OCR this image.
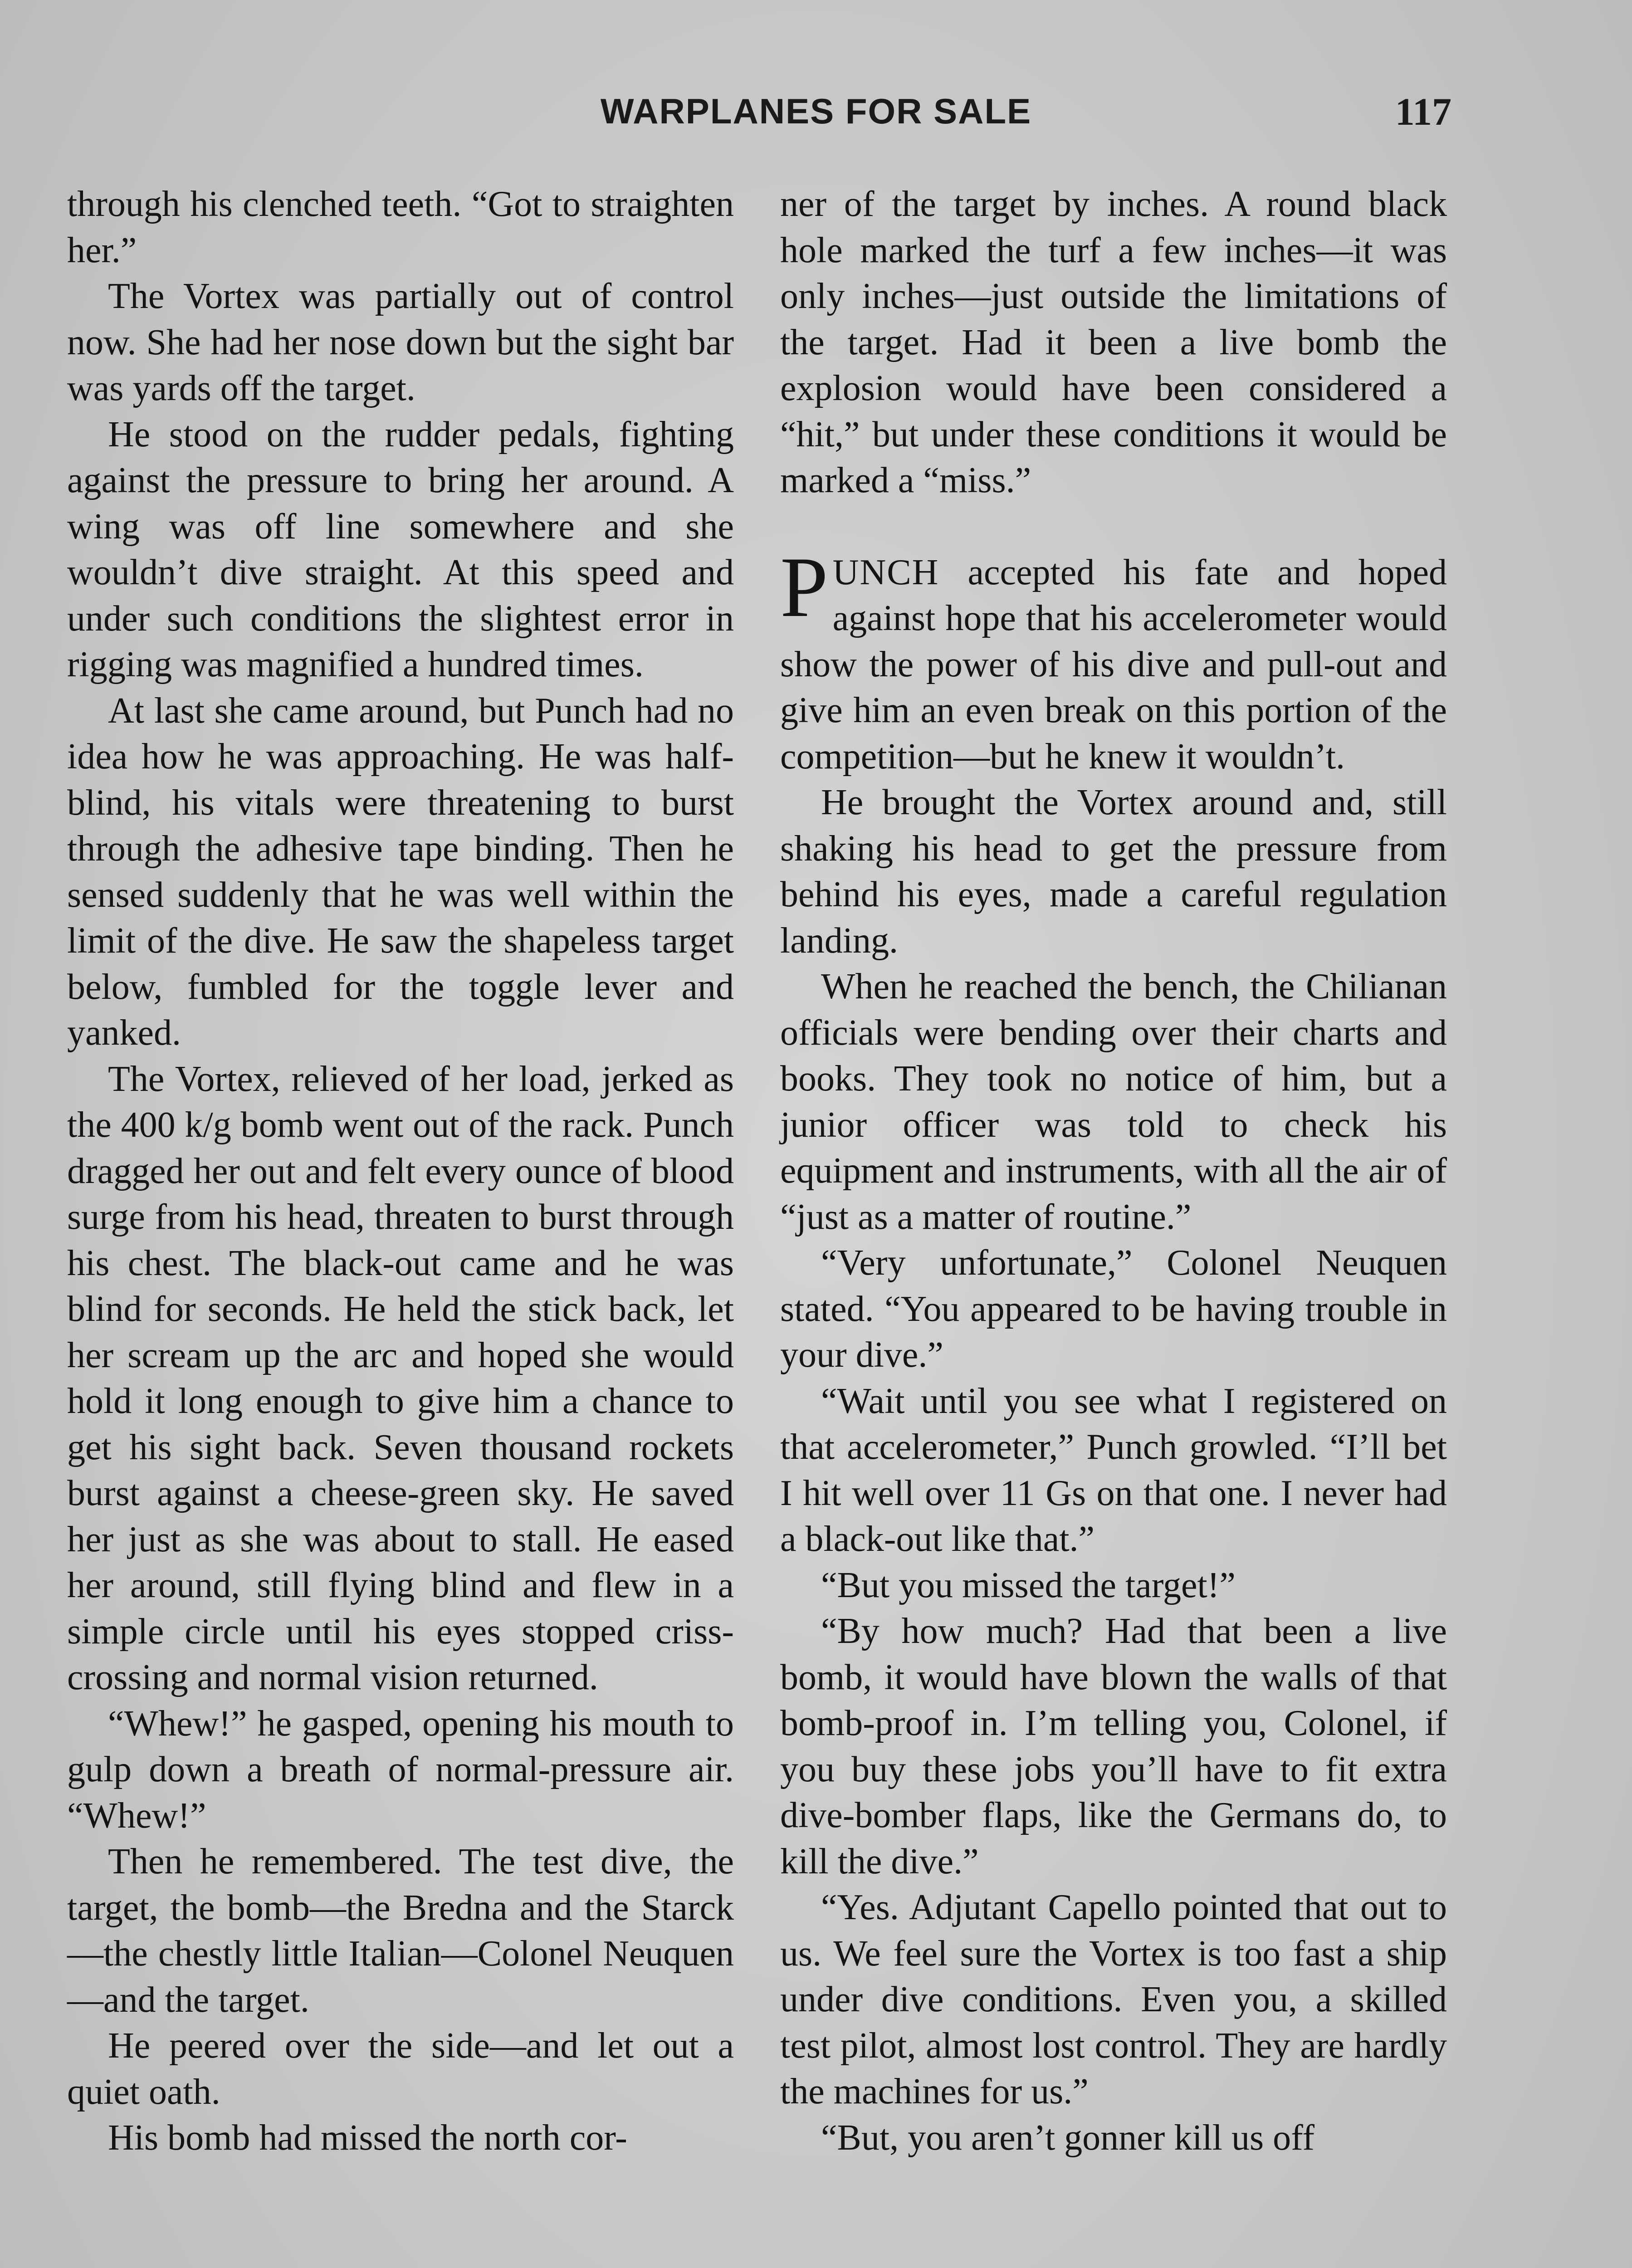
WARPLANES FOR SALE	117

through his clenched teeth. “Got to straighten her.”

The Vortex was partially out of control now. She had her nose down but the sight bar was yards off the target.

He stood on the rudder pedals, fighting against the pressure to bring her around. A wing was off line somewhere and she wouldn’t dive straight. At this speed and under such conditions the slightest error in rigging was magnified a hundred times.

At last she came around, but Punch had no idea how he was approaching. He was half-blind, his vitals were threatening to burst through the adhesive tape binding. Then he sensed suddenly that he was well within the limit of the dive. He saw the shapeless target below, fumbled for the toggle lever and yanked.

The Vortex, relieved of her load, jerked as the 400 k/g bomb went out of the rack. Punch dragged her out and felt every ounce of blood surge from his head, threaten to burst through his chest. The black-out came and he was blind for seconds. He held the stick back, let her scream up the arc and hoped she would hold it long enough to give him a chance to get his sight back. Seven thousand rockets burst against a cheese-green sky. He saved her just as she was about to stall. He eased her around, still flying blind and flew in a simple circle until his eyes stopped criss-crossing and normal vision returned.

“Whew!” he gasped, opening his mouth to gulp down a breath of normal-pressure air. “Whew!”

Then he remembered. The test dive, the target, the bomb—the Bredna and the Starck—the chestly little Italian—Colonel Neuquen—and the target.

He peered over the side—and let out a quiet oath.

His bomb had missed the north cor-

ner of the target by inches. A round black hole marked the turf a few inches—it was only inches—just outside the limitations of the target. Had it been a live bomb the explosion would have been considered a “hit,” but under these conditions it would be marked a “miss.”

PUNCH accepted his fate and hoped against hope that his accelerometer would show the power of his dive and pull-out and give him an even break on this portion of the competition—but he knew it wouldn’t.

He brought the Vortex around and, still shaking his head to get the pressure from behind his eyes, made a careful regulation landing.

When he reached the bench, the Chilianan officials were bending over their charts and books. They took no notice of him, but a junior officer was told to check his equipment and instruments, with all the air of “just as a matter of routine.”

“Very unfortunate,” Colonel Neuquen stated. “You appeared to be having trouble in your dive.”

“Wait until you see what I registered on that accelerometer,” Punch growled. “I’ll bet I hit well over 11 Gs on that one. I never had a black-out like that.”

“But you missed the target!”

“By how much? Had that been a live bomb, it would have blown the walls of that bomb-proof in. I’m telling you, Colonel, if you buy these jobs you’ll have to fit extra dive-bomber flaps, like the Germans do, to kill the dive.”

“Yes. Adjutant Capello pointed that out to us. We feel sure the Vortex is too fast a ship under dive conditions. Even you, a skilled test pilot, almost lost control. They are hardly the machines for us.”

“But, you aren’t gonner kill us off
